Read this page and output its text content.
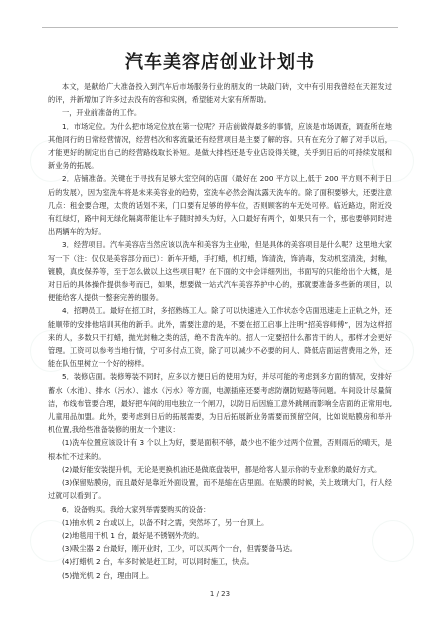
汽车美容店创业计划书

本文，是献给广大准备投入到汽车后市场服务行业的朋友的一块敲门砖，文中有引用我曾经在天涯发过的评，并新增加了许多过去没有的容和实例，希望能对大家有所帮助。

一，开业前准备的工作。

1．市场定位。为什么把市场定位放在第一位呢？开店前做得最多的事情，应该是市场调查，调查所在地其他同行的日常经营情况，经营档次和客流量还有经营项目是主要了解的容。只有在充分了解了对手以后，才能更好的制定出自己的经营路线取长补短。是做大排档还是专业店设得关键，关乎到日后的可持续发展和新业务的拓展。

2．店铺准备。关键在于寻找有足够大室空间的店面（最好在 200 平方以上,低于 200 平方则不利于日后的发展），因为室洗车将是未来美容业的趋势，室洗车必然会淘汰露天洗车的。除了面积要够大，还要注意几点：租金要合理，太贵的话划不来，门口要有足够的停车位，否则顾客的车无处可停。临近路边，附近没有红绿灯，路中间无绿化隔离带能让车子随时掉头为好，入口最好有两个，如果只有一个，那也要够同时进出两辆车的为好。

3．经营项目。汽车美容店当然应该以洗车和美容为主业啦，但是具体的美容项目是什么呢？这里地大家写一下（注：仅仅是美容部分而已）：新车开蜡，手打蜡，机打蜡，饰清洗，饰消毒，发动机室清洗，封釉，镀膜，真皮保养等，至于怎么做以上这些项目呢？在下面的文中会详细列出，书面写的只能给出个大概，是对日后的具体操作提供参考而已，如果，想要做一站式汽车美容养护中心的，那就要准备多些新的项目，以便能给客人提供一整套完善的服务。

4．招聘员工。最好在招工时，多招熟练工人。除了可以快速进入工作状态令店面迅速走上正轨之外，还能顺带的安排他培训其他的新手。此外，需要注意的是，不要在招工启事上注明“招美容师傅”，因为这样招来的人，多数只干打蜡，抛光封釉之类的活，绝不肯洗车的。招人一定要招什么都肯干的人，那样才会更好管理。工资可以参考当地行情，宁可多付点工资，除了可以减少不必要的问人、降低店面运营费用之外，还能在队伍里树立一个好的榜样。

5．装修店面。装修筹装不同时，应多以方便日后的使用为好，并尽可能的考虑到多方面的情况，安排好蓄水（水池）、排水（污水）、滤水（污水）等方面，电源插座还要考虑防潮防短路等问题。车间设计尽量简洁，布线布管要合理，最好把车间的用电独立一个闸刀，以防日后因施工意外跳闸而影响全店面的正常用电,儿童用品加盟。此外，要考虑到日后的拓展需要，为日后拓展新业务需要而预留空间，比如说贴膜房和举升机位置,我给些准备装修的朋友一个建议：

(1)洗车位置应该设计有 3 个以上为好，要是面积不够，最少也不能少过两个位置，否则雨后的晴天，是根本忙不过来的。

(2)最好能安装提升机，无论是更换机油还是做底盘装甲，都是给客人显示你的专业形象的最好方式。

(3)保留贴膜房，而且最好是靠近外面设置，而不是缩在店里面。在贴膜的时候，关上玻璃大门，行人经过就可以看到了。

6．设备购买。我给大家列举需要购买的设备：

(1)抽水机 2 台或以上，以备不时之需，突然坏了，另一台顶上。

(2)地毯用干机 1 台，最好是不锈钢外壳的。

(3)吸尘器 2 台最好，刚开业时，工少，可以买两个一台，但需要备马达。

(4)打蜡机 2 台，车多时候是赶工时，可以同时施工，快点。

(5)抛光机 2 台，理由同上。

1 / 23
